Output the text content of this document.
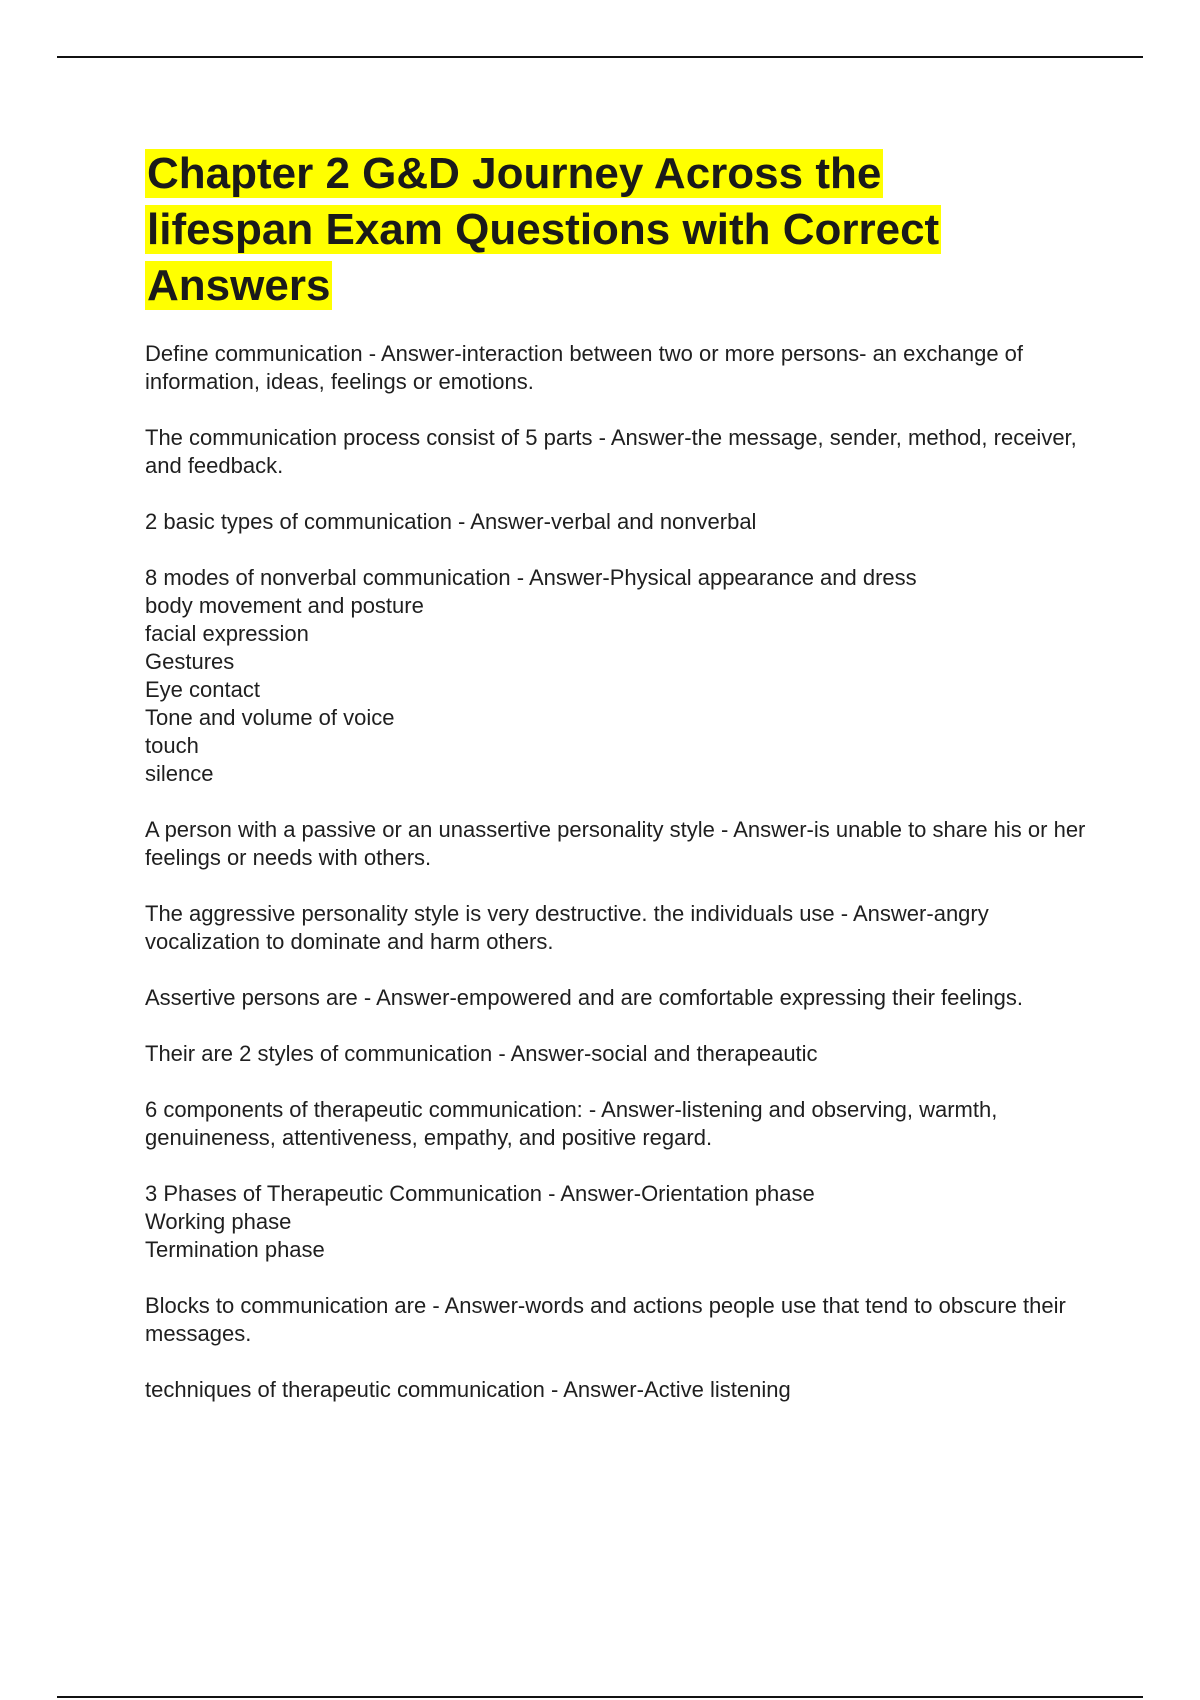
Chapter 2 G&D Journey Across the lifespan Exam Questions with Correct Answers
Define communication - Answer-interaction between two or more persons- an exchange of information, ideas, feelings or emotions.
The communication process consist of 5 parts - Answer-the message, sender, method, receiver, and feedback.
2 basic types of communication - Answer-verbal and nonverbal
8 modes of nonverbal communication - Answer-Physical appearance and dress
body movement and posture
facial expression
Gestures
Eye contact
Tone and volume of voice
touch
silence
A person with a passive or an unassertive personality style - Answer-is unable to share his or her feelings or needs with others.
The aggressive personality style is very destructive. the individuals use - Answer-angry vocalization to dominate and harm others.
Assertive persons are - Answer-empowered and are comfortable expressing their feelings.
Their are 2 styles of communication - Answer-social and therapeautic
6 components of therapeutic communication: - Answer-listening and observing, warmth, genuineness, attentiveness, empathy, and positive regard.
3 Phases of Therapeutic Communication - Answer-Orientation phase
Working phase
Termination phase
Blocks to communication are - Answer-words and actions people use that tend to obscure their messages.
techniques of therapeutic communication - Answer-Active listening
